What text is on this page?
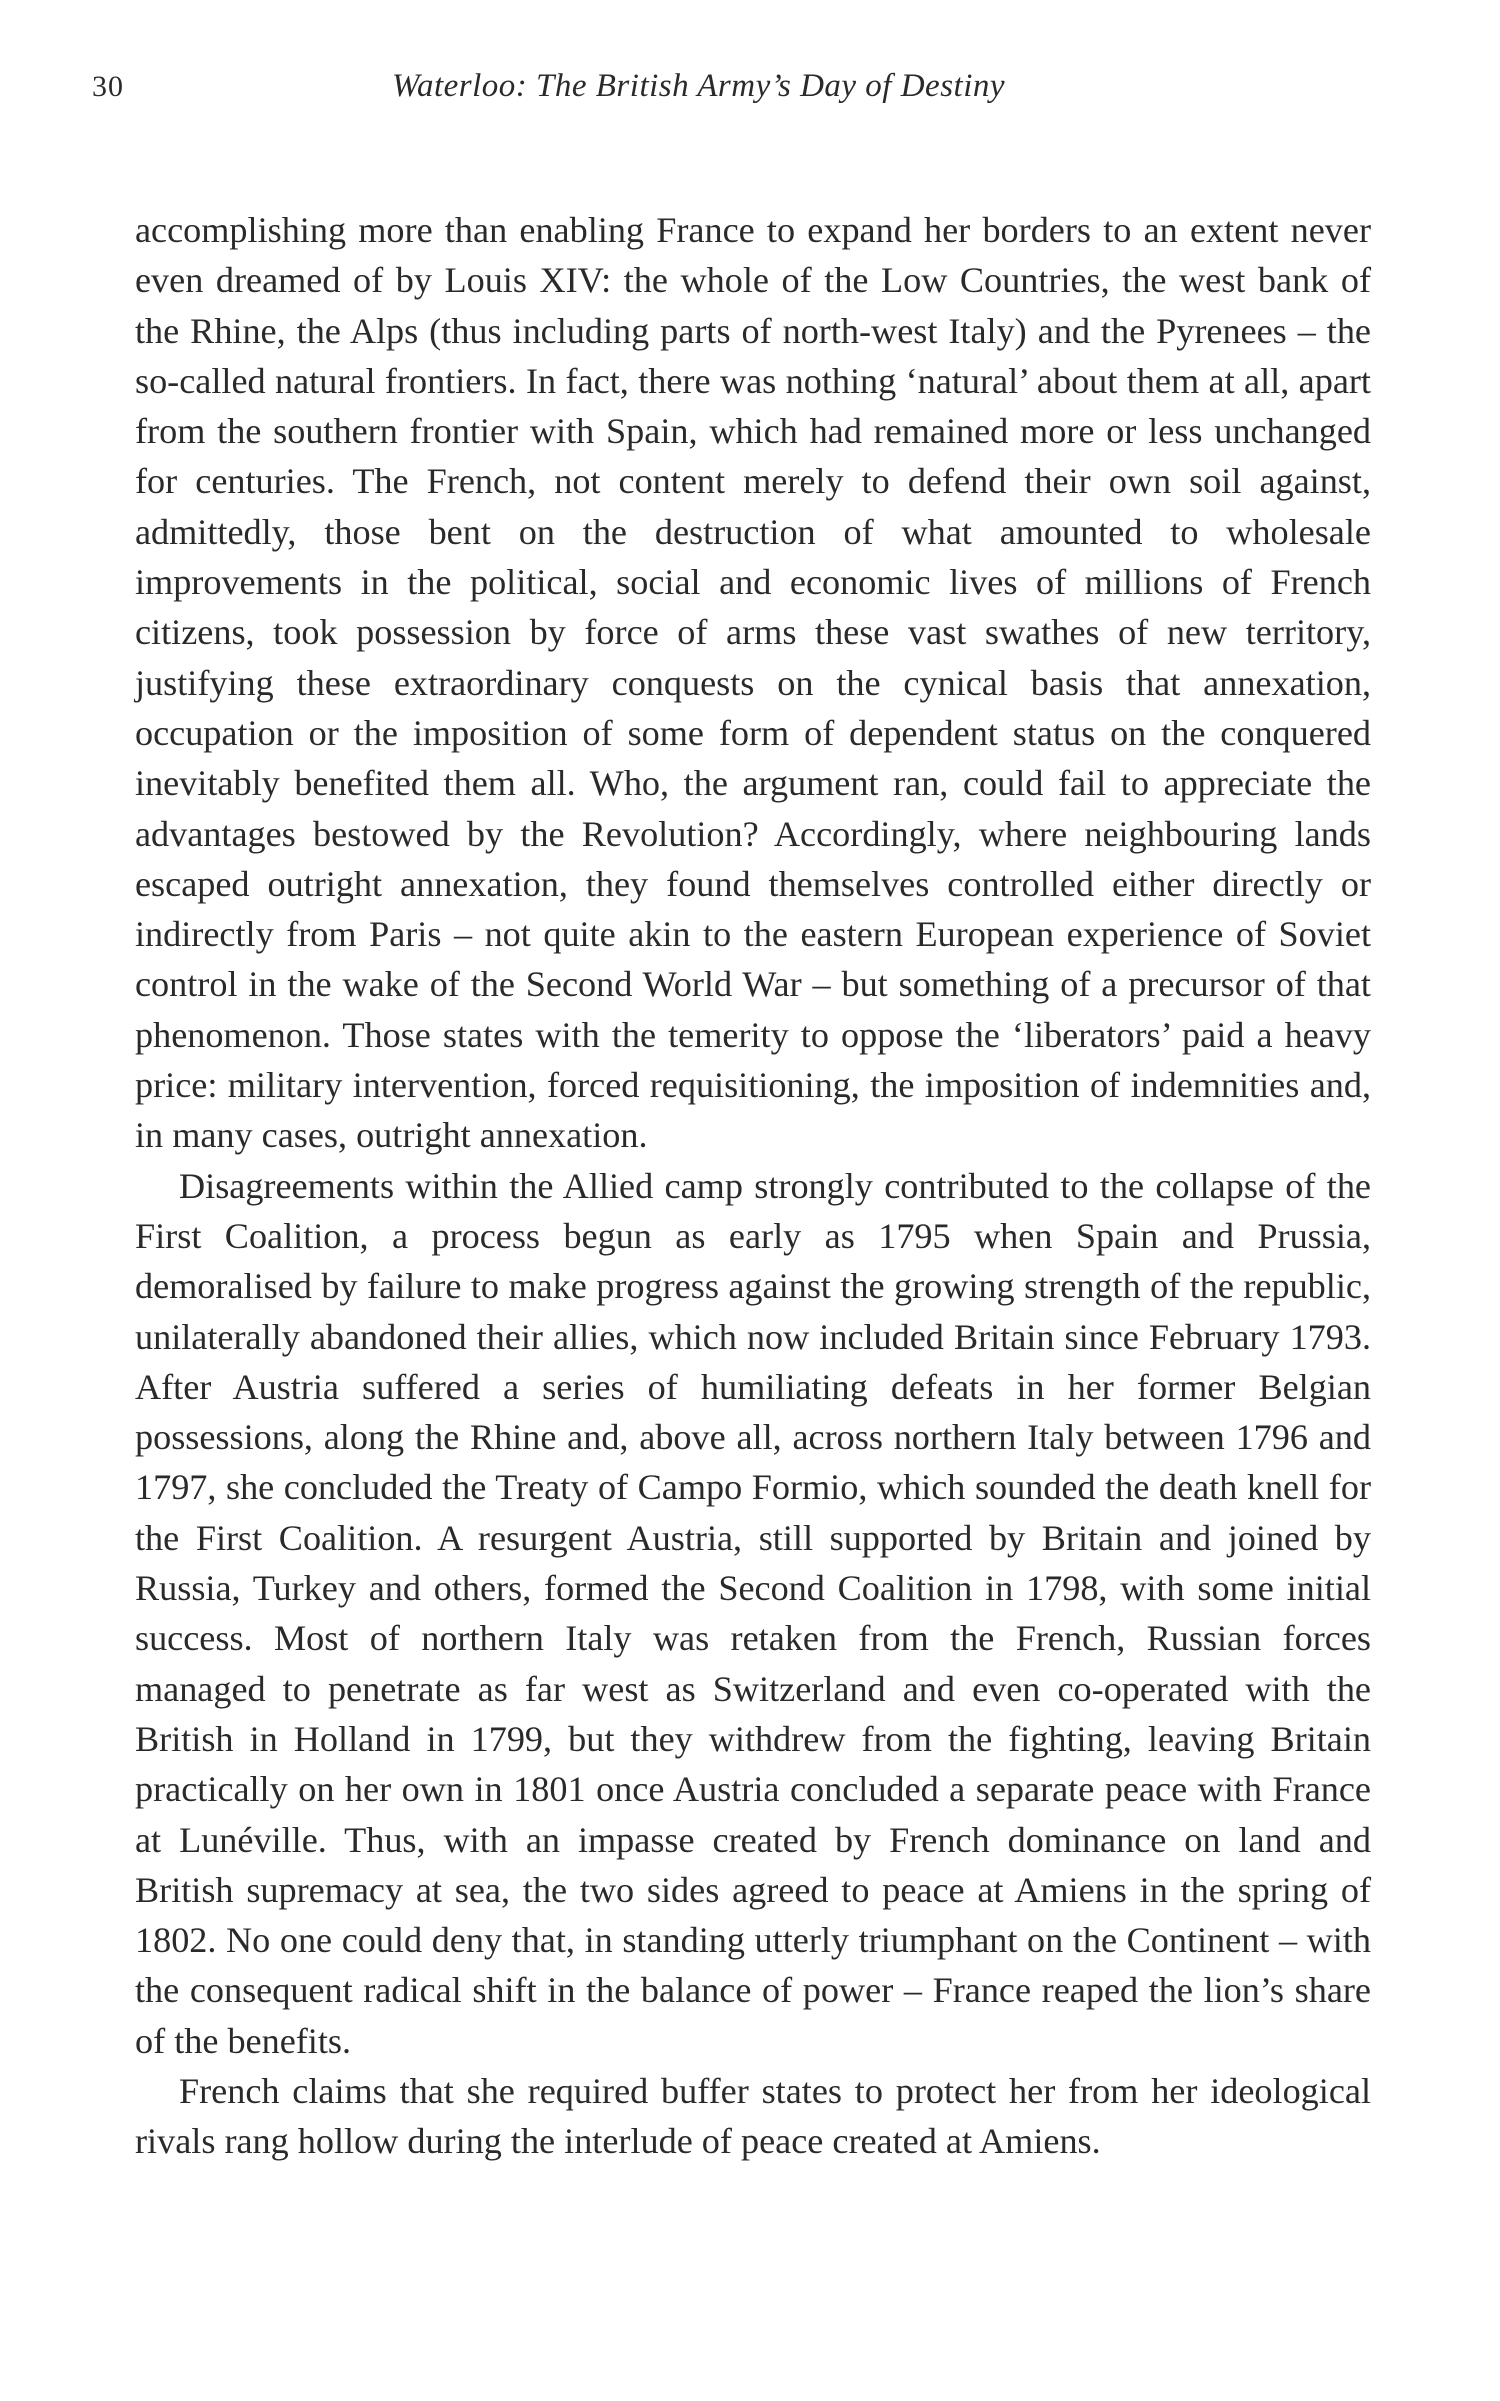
30	Waterloo: The British Army’s Day of Destiny

accomplishing more than enabling France to expand her borders to an extent never even dreamed of by Louis XIV: the whole of the Low Countries, the west bank of the Rhine, the Alps (thus including parts of north-west Italy) and the Pyrenees – the so-called natural frontiers. In fact, there was nothing ‘natural’ about them at all, apart from the southern frontier with Spain, which had remained more or less unchanged for centuries. The French, not content merely to defend their own soil against, admittedly, those bent on the destruction of what amounted to wholesale improvements in the political, social and economic lives of millions of French citizens, took possession by force of arms these vast swathes of new territory, justifying these extraordinary conquests on the cynical basis that annexation, occupation or the imposition of some form of dependent status on the conquered inevitably benefited them all. Who, the argument ran, could fail to appreciate the advantages bestowed by the Revolution? Accordingly, where neighbouring lands escaped outright annexation, they found themselves controlled either directly or indirectly from Paris – not quite akin to the eastern European experience of Soviet control in the wake of the Second World War – but something of a precursor of that phenomenon. Those states with the temerity to oppose the ‘liberators’ paid a heavy price: military intervention, forced requisitioning, the imposition of indemnities and, in many cases, outright annexation.

Disagreements within the Allied camp strongly contributed to the collapse of the First Coalition, a process begun as early as 1795 when Spain and Prussia, demoralised by failure to make progress against the growing strength of the republic, unilaterally abandoned their allies, which now included Britain since February 1793. After Austria suffered a series of humiliating defeats in her former Belgian possessions, along the Rhine and, above all, across northern Italy between 1796 and 1797, she concluded the Treaty of Campo Formio, which sounded the death knell for the First Coalition. A resurgent Austria, still supported by Britain and joined by Russia, Turkey and others, formed the Second Coalition in 1798, with some initial success. Most of northern Italy was retaken from the French, Russian forces managed to penetrate as far west as Switzerland and even co-operated with the British in Holland in 1799, but they withdrew from the fighting, leaving Britain practically on her own in 1801 once Austria concluded a separate peace with France at Lunéville. Thus, with an impasse created by French dominance on land and British supremacy at sea, the two sides agreed to peace at Amiens in the spring of 1802. No one could deny that, in standing utterly triumphant on the Continent – with the consequent radical shift in the balance of power – France reaped the lion’s share of the benefits.

French claims that she required buffer states to protect her from her ideological rivals rang hollow during the interlude of peace created at Amiens.
